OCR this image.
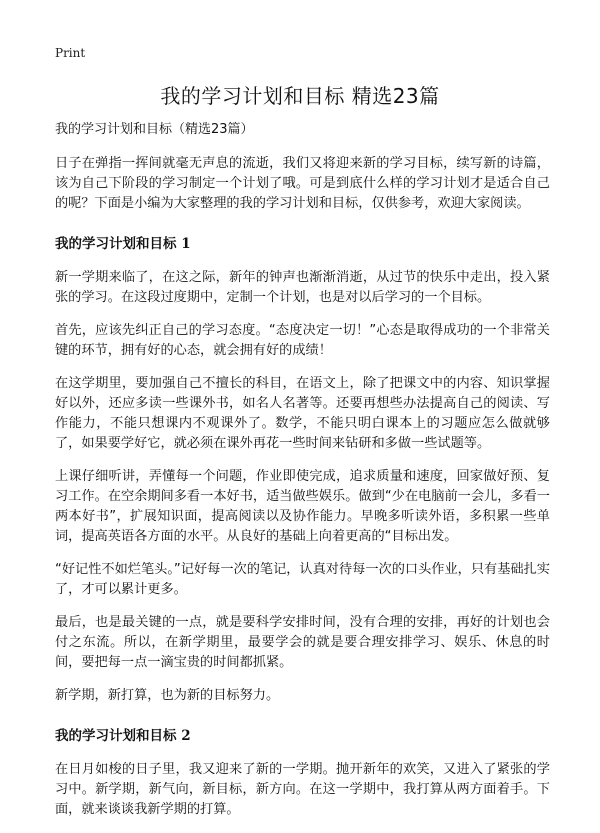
Print
我的学习计划和目标 精选23篇
我的学习计划和目标（精选23篇）

日子在弹指一挥间就毫无声息的流逝，我们又将迎来新的学习目标，续写新的诗篇，该为自己下阶段的学习制定一个计划了哦。可是到底什么样的学习计划才是适合自己的呢？下面是小编为大家整理的我的学习计划和目标，仅供参考，欢迎大家阅读。

我的学习计划和目标 1

新一学期来临了，在这之际，新年的钟声也渐渐消逝，从过节的快乐中走出，投入紧张的学习。在这段过度期中，定制一个计划，也是对以后学习的一个目标。

首先，应该先纠正自己的学习态度。“态度决定一切！”心态是取得成功的一个非常关键的环节，拥有好的心态，就会拥有好的成绩！

在这学期里，要加强自己不擅长的科目，在语文上，除了把课文中的内容、知识掌握好以外，还应多读一些课外书，如名人名著等。还要再想些办法提高自己的阅读、写作能力，不能只想课内不观课外了。数学，不能只明白课本上的习题应怎么做就够了，如果要学好它，就必须在课外再花一些时间来钻研和多做一些试题等。

上课仔细听讲，弄懂每一个问题，作业即使完成，追求质量和速度，回家做好预、复习工作。在空余期间多看一本好书，适当做些娱乐。做到“少在电脑前一会儿，多看一两本好书”，扩展知识面，提高阅读以及协作能力。早晚多听读外语，多积累一些单词，提高英语各方面的水平。从良好的基础上向着更高的“目标出发。

“好记性不如烂笔头。”记好每一次的笔记，认真对待每一次的口头作业，只有基础扎实了，才可以累计更多。

最后，也是最关键的一点，就是要科学安排时间，没有合理的安排，再好的计划也会付之东流。所以，在新学期里，最要学会的就是要合理安排学习、娱乐、休息的时间，要把每一点一滴宝贵的时间都抓紧。

新学期，新打算，也为新的目标努力。

我的学习计划和目标 2

在日月如梭的日子里，我又迎来了新的一学期。抛开新年的欢笑，又进入了紧张的学习中。新学期，新气向，新目标，新方向。在这一学期中，我打算从两方面着手。下面，就来谈谈我新学期的打算。
